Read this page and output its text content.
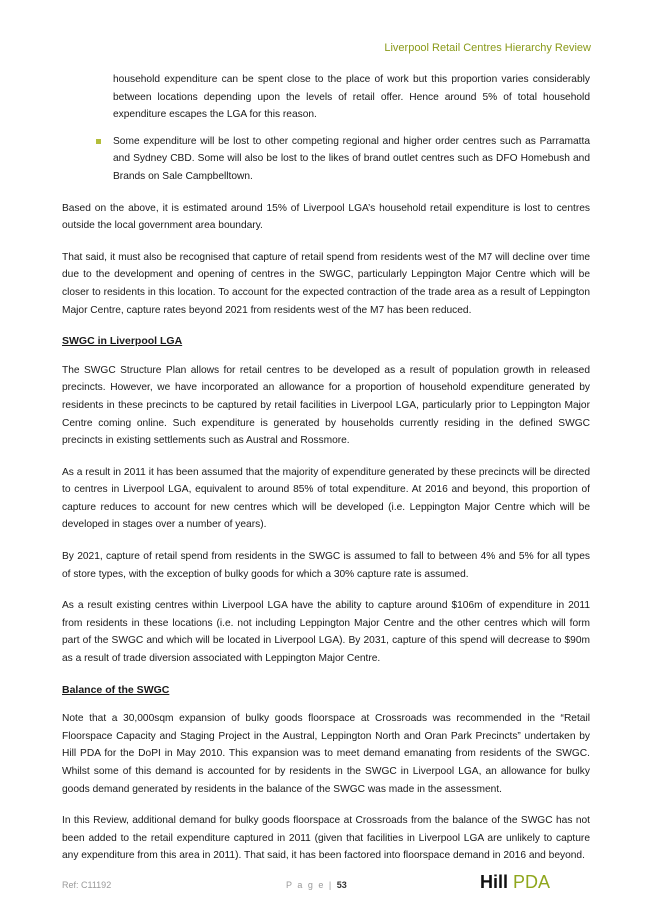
Liverpool Retail Centres Hierarchy Review

household expenditure can be spent close to the place of work but this proportion varies considerably between locations depending upon the levels of retail offer. Hence around 5% of total household expenditure escapes the LGA for this reason.

Some expenditure will be lost to other competing regional and higher order centres such as Parramatta and Sydney CBD. Some will also be lost to the likes of brand outlet centres such as DFO Homebush and Brands on Sale Campbelltown.

Based on the above, it is estimated around 15% of Liverpool LGA’s household retail expenditure is lost to centres outside the local government area boundary.

That said, it must also be recognised that capture of retail spend from residents west of the M7 will decline over time due to the development and opening of centres in the SWGC, particularly Leppington Major Centre which will be closer to residents in this location. To account for the expected contraction of the trade area as a result of Leppington Major Centre, capture rates beyond 2021 from residents west of the M7 has been reduced.

SWGC in Liverpool LGA

The SWGC Structure Plan allows for retail centres to be developed as a result of population growth in released precincts. However, we have incorporated an allowance for a proportion of household expenditure generated by residents in these precincts to be captured by retail facilities in Liverpool LGA, particularly prior to Leppington Major Centre coming online. Such expenditure is generated by households currently residing in the defined SWGC precincts in existing settlements such as Austral and Rossmore.

As a result in 2011 it has been assumed that the majority of expenditure generated by these precincts will be directed to centres in Liverpool LGA, equivalent to around 85% of total expenditure. At 2016 and beyond, this proportion of capture reduces to account for new centres which will be developed (i.e. Leppington Major Centre which will be developed in stages over a number of years).

By 2021, capture of retail spend from residents in the SWGC is assumed to fall to between 4% and 5% for all types of store types, with the exception of bulky goods for which a 30% capture rate is assumed.

As a result existing centres within Liverpool LGA have the ability to capture around $106m of expenditure in 2011 from residents in these locations (i.e. not including Leppington Major Centre and the other centres which will form part of the SWGC and which will be located in Liverpool LGA). By 2031, capture of this spend will decrease to $90m as a result of trade diversion associated with Leppington Major Centre.

Balance of the SWGC

Note that a 30,000sqm expansion of bulky goods floorspace at Crossroads was recommended in the “Retail Floorspace Capacity and Staging Project in the Austral, Leppington North and Oran Park Precincts” undertaken by Hill PDA for the DoPI in May 2010. This expansion was to meet demand emanating from residents of the SWGC. Whilst some of this demand is accounted for by residents in the SWGC in Liverpool LGA, an allowance for bulky goods demand generated by residents in the balance of the SWGC was made in the assessment.

In this Review, additional demand for bulky goods floorspace at Crossroads from the balance of the SWGC has not been added to the retail expenditure captured in 2011 (given that facilities in Liverpool LGA are unlikely to capture any expenditure from this area in 2011). That said, it has been factored into floorspace demand in 2016 and beyond.

Ref: C11192	P a g e | 53	Hill PDA
